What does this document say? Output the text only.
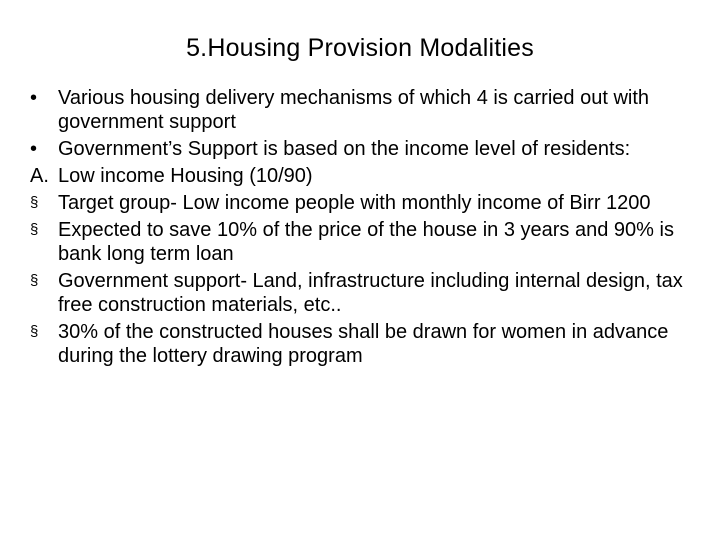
5.Housing Provision Modalities
•	Various housing delivery mechanisms of which 4 is carried out with government support
•	Government’s Support is based on the income level of residents:
A. Low income Housing (10/90)
§ Target group- Low income people with monthly income of Birr 1200
§ Expected to save 10% of the price of the house in 3 years and 90% is bank long term loan
§ Government support- Land, infrastructure including internal design, tax free construction materials, etc..
§ 30% of the constructed houses shall be drawn for women in advance during the lottery drawing program
